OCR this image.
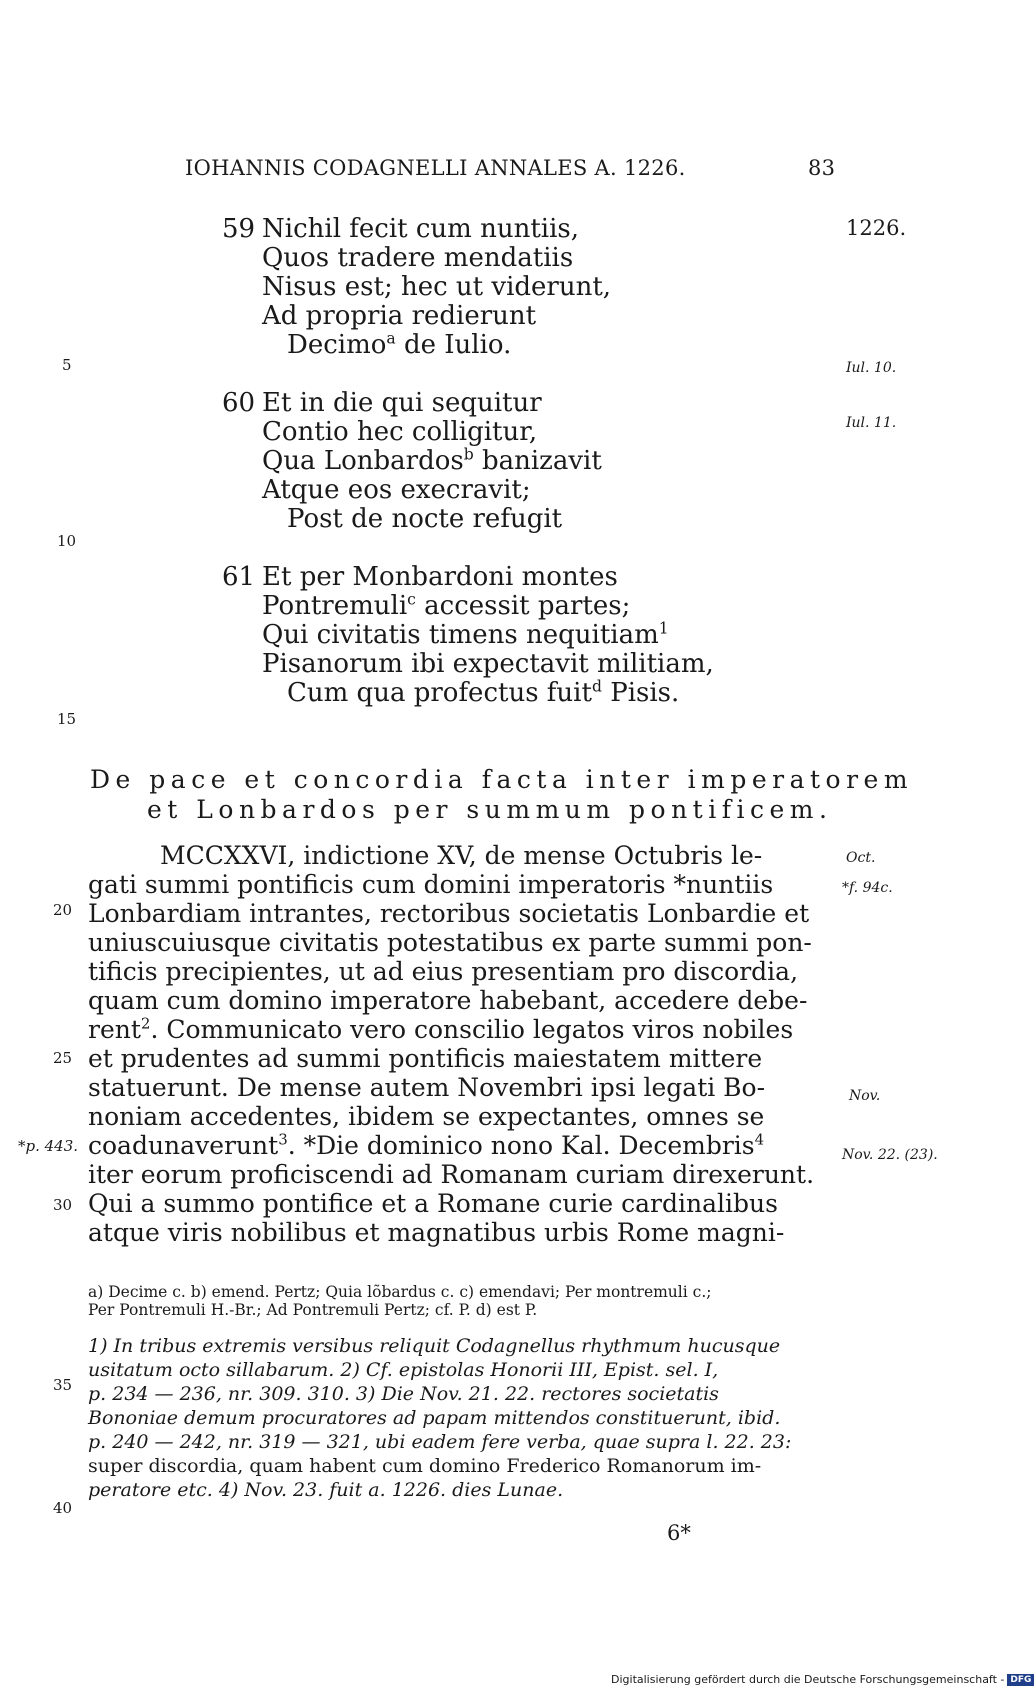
IOHANNIS CODAGNELLI ANNALES A. 1226.	83
59 Nichil fecit cum nuntiis,
Quos tradere mendatiis
Nisus est; hec ut viderunt,
Ad propria redierunt
Decimo$^a$ de Iulio.
60 Et in die qui sequitur
Contio hec colligitur,
Qua Lonbardos$^b$ banizavit
Atque eos execravit;
Post de nocte refugit
61 Et per Monbardoni montes
Pontremuli$^c$ accessit partes;
Qui civitatis timens nequitiam$^1$
Pisanorum ibi expectavit militiam,
Cum qua profectus fuit$^d$ Pisis.
5
10
15
20
25
30
35
40
*p. 443.
1226.
Iul. 10.
Iul. 11.
Oct.
*f. 94c.
Nov.
Nov. 22. (23).
De pace et concordia facta inter imperatorem
et Lonbardos per summum pontificem.
MCCXXVI, indictione XV, de mense Octubris le-
gati summi pontificis cum domini imperatoris *nuntiis
Lonbardiam intrantes, rectoribus societatis Lonbardie et
uniuscuiusque civitatis potestatibus ex parte summi pon-
tificis precipientes, ut ad eius presentiam pro discordia,
quam cum domino imperatore habebant, accedere debe-
rent$^2$. Communicato vero conscilio legatos viros nobiles
et prudentes ad summi pontificis maiestatem mittere
statuerunt. De mense autem Novembri ipsi legati Bo-
noniam accedentes, ibidem se expectantes, omnes se
coadunaverunt$^3$. *Die dominico nono Kal. Decembris$^4$
iter eorum proficiscendi ad Romanam curiam direxerunt.
Qui a summo pontifice et a Romane curie cardinalibus
atque viris nobilibus et magnatibus urbis Rome magni-
a) Decime c. b) emend. Pertz; Quia lõbardus c. c) emendavi; Per montremuli c.;
Per Pontremuli H.-Br.; Ad Pontremuli Pertz; cf. P. d) est P.
1) In tribus extremis versibus reliquit Codagnellus rhythmum hucusque
usitatum octo sillabarum. 2) Cf. epistolas Honorii III, Epist. sel. I,
p. 234 — 236, nr. 309. 310. 3) Die Nov. 21. 22. rectores societatis
Bononiae demum procuratores ad papam mittendos constituerunt, ibid.
p. 240 — 242, nr. 319 — 321, ubi eadem fere verba, quae supra l. 22. 23:
super discordia, quam habent cum domino Frederico Romanorum im-
peratore etc. 4) Nov. 23. fuit a. 1226. dies Lunae.
6*
Digitalisierung gefördert durch die Deutsche Forschungsgemeinschaft - DFG
